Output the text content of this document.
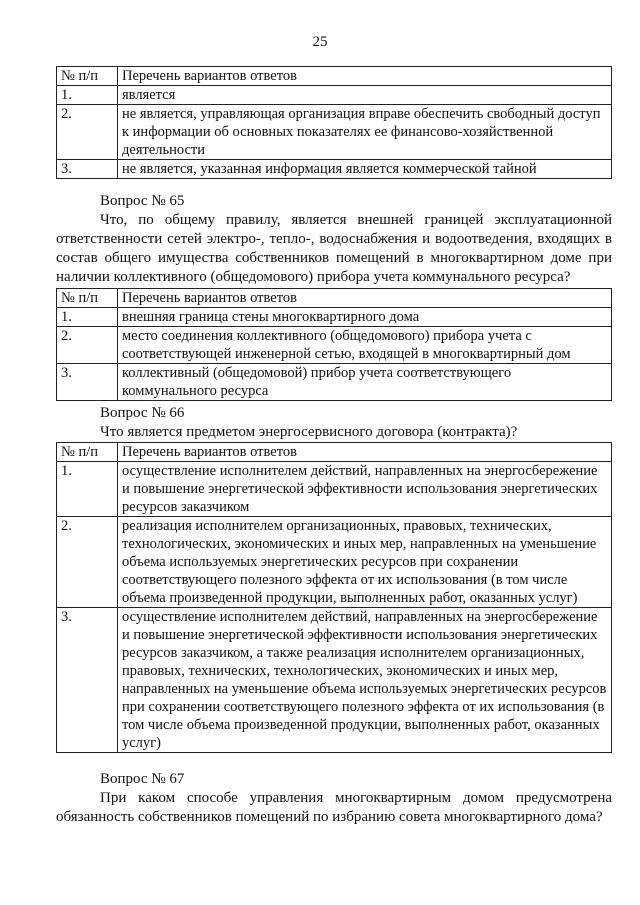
25
№ п/п	Перечень вариантов ответов
1.	является
2.	не является, управляющая организация вправе обеспечить свободный доступ к информации об основных показателях ее финансово-хозяйственной деятельности
3.	не является, указанная информация является коммерческой тайной
Вопрос № 65
Что, по общему правилу, является внешней границей эксплуатационной ответственности сетей электро-, тепло-, водоснабжения и водоотведения, входящих в состав общего имущества собственников помещений в многоквартирном доме при наличии коллективного (общедомового) прибора учета коммунального ресурса?
№ п/п	Перечень вариантов ответов
1.	внешняя граница стены многоквартирного дома
2.	место соединения коллективного (общедомового) прибора учета с соответствующей инженерной сетью, входящей в многоквартирный дом
3.	коллективный (общедомовой) прибор учета соответствующего коммунального ресурса
Вопрос № 66
Что является предметом энергосервисного договора (контракта)?
№ п/п	Перечень вариантов ответов
1.	осуществление исполнителем действий, направленных на энергосбережение и повышение энергетической эффективности использования энергетических ресурсов заказчиком
2.	реализация исполнителем организационных, правовых, технических, технологических, экономических и иных мер, направленных на уменьшение объема используемых энергетических ресурсов при сохранении соответствующего полезного эффекта от их использования (в том числе объема произведенной продукции, выполненных работ, оказанных услуг)
3.	осуществление исполнителем действий, направленных на энергосбережение и повышение энергетической эффективности использования энергетических ресурсов заказчиком, а также реализация исполнителем организационных, правовых, технических, технологических, экономических и иных мер, направленных на уменьшение объема используемых энергетических ресурсов при сохранении соответствующего полезного эффекта от их использования (в том числе объема произведенной продукции, выполненных работ, оказанных услуг)
Вопрос № 67
При каком способе управления многоквартирным домом предусмотрена обязанность собственников помещений по избранию совета многоквартирного дома?
